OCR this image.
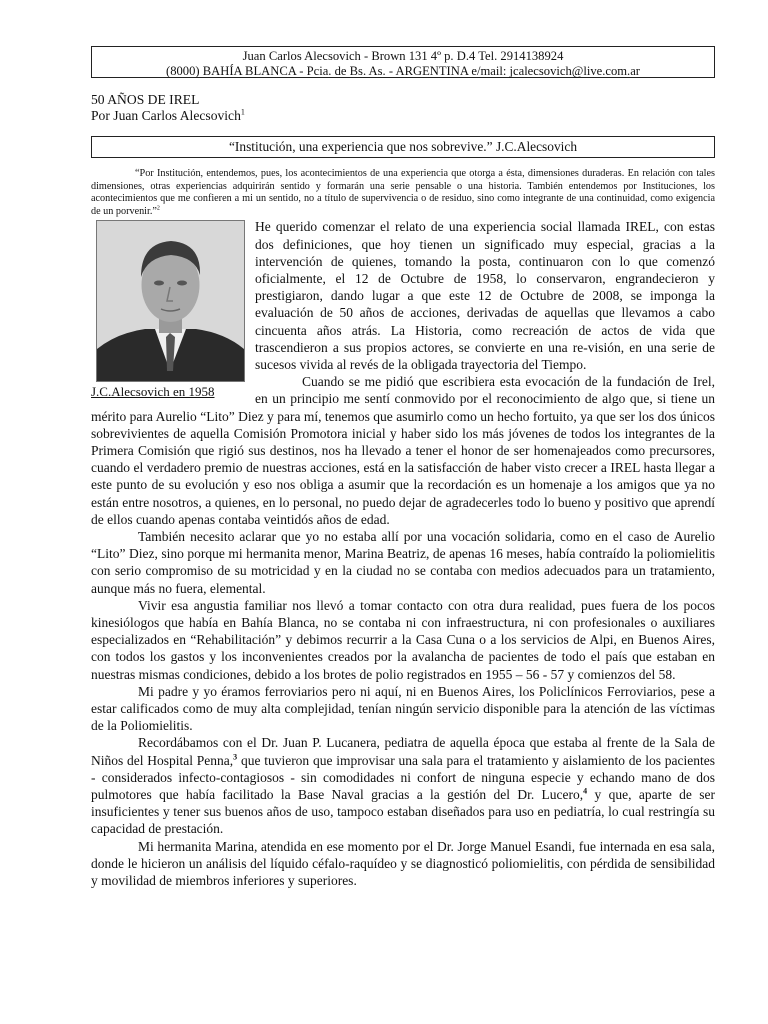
Juan Carlos Alecsovich - Brown 131 4º p. D.4 Tel. 2914138924
(8000) BAHÍA BLANCA - Pcia. de Bs. As. - ARGENTINA e/mail: jcalecsovich@live.com.ar
50 AÑOS DE IREL
Por Juan Carlos Alecsovich$^1$
“Institución, una experiencia que nos sobrevive.” J.C.Alecsovich
“Por Institución, entendemos, pues, los acontecimientos de una experiencia que otorga a ésta, dimensiones duraderas. En relación con tales dimensiones, otras experiencias adquirirán sentido y formarán una serie pensable o una historia. También entendemos por Instituciones, los acontecimientos que me confieren a mi un sentido, no a título de supervivencia o de residuo, sino como integrante de una continuidad, como exigencia de un porvenir.”$^2$
J.C.Alecsovich en 1958

He querido comenzar el relato de una experiencia social llamada IREL, con estas dos definiciones, que hoy tienen un significado muy especial, gracias a la intervención de quienes, tomando la posta, continuaron con lo que comenzó oficialmente, el 12 de Octubre de 1958, lo conservaron, engrandecieron y prestigiaron, dando lugar a que este 12 de Octubre de 2008, se imponga la evaluación de 50 años de acciones, derivadas de aquellas que llevamos a cabo cincuenta años atrás. La Historia, como recreación de actos de vida que trascendieron a sus propios actores, se convierte en una re-visión, en una serie de sucesos vivida al revés de la obligada trayectoria del Tiempo.

Cuando se me pidió que escribiera esta evocación de la fundación de Irel, en un principio me sentí conmovido por el reconocimiento de algo que, si tiene un mérito para Aurelio “Lito” Diez y para mí, tenemos que asumirlo como un hecho fortuito, ya que ser los dos únicos sobrevivientes de aquella Comisión Promotora inicial y haber sido los más jóvenes de todos los integrantes de la Primera Comisión que rigió sus destinos, nos ha llevado a tener el honor de ser homenajeados como precursores, cuando el verdadero premio de nuestras acciones, está en la satisfacción de haber visto crecer a IREL hasta llegar a este punto de su evolución y eso nos obliga a asumir que la recordación es un homenaje a los amigos que ya no están entre nosotros, a quienes, en lo personal, no puedo dejar de agradecerles todo lo bueno y positivo que aprendí de ellos cuando apenas contaba veintidós años de edad.

También necesito aclarar que yo no estaba allí por una vocación solidaria, como en el caso de Aurelio “Lito” Diez, sino porque mi hermanita menor, Marina Beatriz, de apenas 16 meses, había contraído la poliomielitis con serio compromiso de su motricidad y en la ciudad no se contaba con medios adecuados para un tratamiento, aunque más no fuera, elemental.

Vivir esa angustia familiar nos llevó a tomar contacto con otra dura realidad, pues fuera de los pocos kinesiólogos que había en Bahía Blanca, no se contaba ni con infraestructura, ni con profesionales o auxiliares especializados en “Rehabilitación” y debimos recurrir a la Casa Cuna o a los servicios de Alpi, en Buenos Aires, con todos los gastos y los inconvenientes creados por la avalancha de pacientes de todo el país que estaban en nuestras mismas condiciones, debido a los brotes de polio registrados en 1955 – 56 - 57 y comienzos del 58.

Mi padre y yo éramos ferroviarios pero ni aquí, ni en Buenos Aires, los Policlínicos Ferroviarios, pese a estar calificados como de muy alta complejidad, tenían ningún servicio disponible para la atención de las víctimas de la Poliomielitis.

Recordábamos con el Dr. Juan P. Lucanera, pediatra de aquella época que estaba al frente de la Sala de Niños del Hospital Penna,$^3$ que tuvieron que improvisar una sala para el tratamiento y aislamiento de los pacientes - considerados infecto-contagiosos - sin comodidades ni confort de ninguna especie y echando mano de dos pulmotores que había facilitado la Base Naval gracias a la gestión del Dr. Lucero,$^4$ y que, aparte de ser insuficientes y tener sus buenos años de uso, tampoco estaban diseñados para uso en pediatría, lo cual restringía su capacidad de prestación.

Mi hermanita Marina, atendida en ese momento por el Dr. Jorge Manuel Esandi, fue internada en esa sala, donde le hicieron un análisis del líquido céfalo-raquídeo y se diagnosticó poliomielitis, con pérdida de sensibilidad y movilidad de miembros inferiores y superiores.
